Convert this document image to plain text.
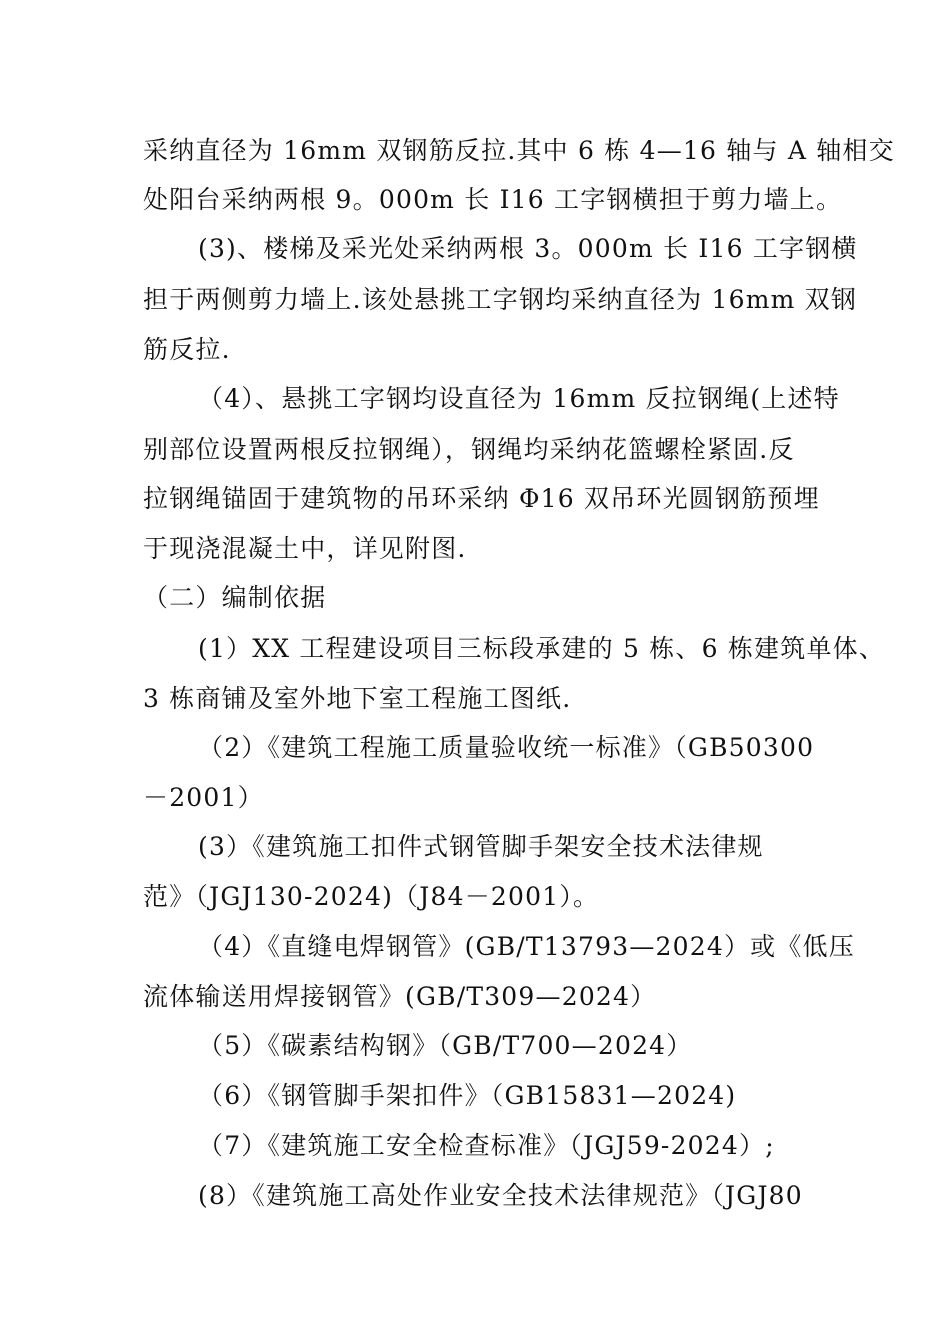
采纳直径为 16mm 双钢筋反拉.其中 6 栋 4—16 轴与 A 轴相交
处阳台采纳两根 9。000m 长 I16 工字钢横担于剪力墙上。
(3)、楼梯及采光处采纳两根 3。000m 长 I16 工字钢横
担于两侧剪力墙上.该处悬挑工字钢均采纳直径为 16mm 双钢
筋反拉.
（4）、悬挑工字钢均设直径为 16mm 反拉钢绳(上述特
别部位设置两根反拉钢绳），钢绳均采纳花篮螺栓紧固.反
拉钢绳锚固于建筑物的吊环采纳 Φ16 双吊环光圆钢筋预埋
于现浇混凝土中，详见附图.
（二）编制依据
(1）XX 工程建设项目三标段承建的 5 栋、6 栋建筑单体、
3 栋商铺及室外地下室工程施工图纸.
（2）《建筑工程施工质量验收统一标准》（GB50300
－2001）
(3）《建筑施工扣件式钢管脚手架安全技术法律规
范》（JGJ130-2024)（J84－2001）。
（4）《直缝电焊钢管》(GB/T13793—2024）或《低压
流体输送用焊接钢管》(GB/T309—2024）
（5）《碳素结构钢》（GB/T700—2024）
（6）《钢管脚手架扣件》（GB15831—2024)
（7）《建筑施工安全检查标准》（JGJ59-2024）;
(8）《建筑施工高处作业安全技术法律规范》（JGJ80
